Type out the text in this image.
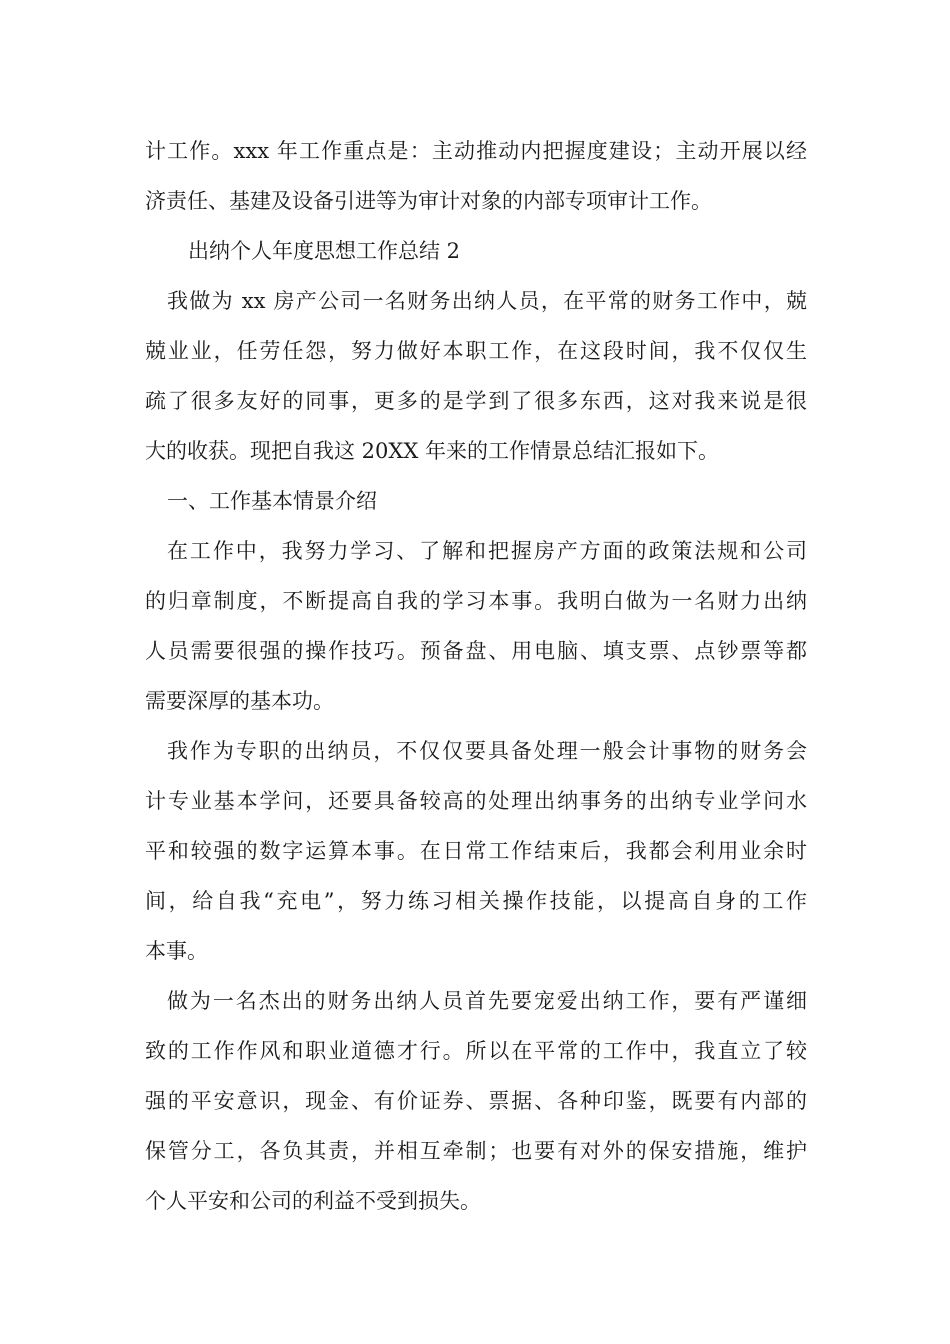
计工作。xxx 年工作重点是：主动推动内把握度建设；主动开展以经
济责任、基建及设备引进等为审计对象的内部专项审计工作。
出纳个人年度思想工作总结 2
我做为 xx 房产公司一名财务出纳人员，在平常的财务工作中，兢
兢业业，任劳任怨，努力做好本职工作，在这段时间，我不仅仅生
疏了很多友好的同事，更多的是学到了很多东西，这对我来说是很
大的收获。现把自我这 20XX 年来的工作情景总结汇报如下。
一、工作基本情景介绍
在工作中，我努力学习、了解和把握房产方面的政策法规和公司
的归章制度，不断提高自我的学习本事。我明白做为一名财力出纳
人员需要很强的操作技巧。预备盘、用电脑、填支票、点钞票等都
需要深厚的基本功。
我作为专职的出纳员，不仅仅要具备处理一般会计事物的财务会
计专业基本学问，还要具备较高的处理出纳事务的出纳专业学问水
平和较强的数字运算本事。在日常工作结束后，我都会利用业余时
间，给自我“充电”，努力练习相关操作技能，以提高自身的工作
本事。
做为一名杰出的财务出纳人员首先要宠爱出纳工作，要有严谨细
致的工作作风和职业道德才行。所以在平常的工作中，我直立了较
强的平安意识，现金、有价证券、票据、各种印鉴，既要有内部的
保管分工，各负其责，并相互牵制；也要有对外的保安措施，维护
个人平安和公司的利益不受到损失。
